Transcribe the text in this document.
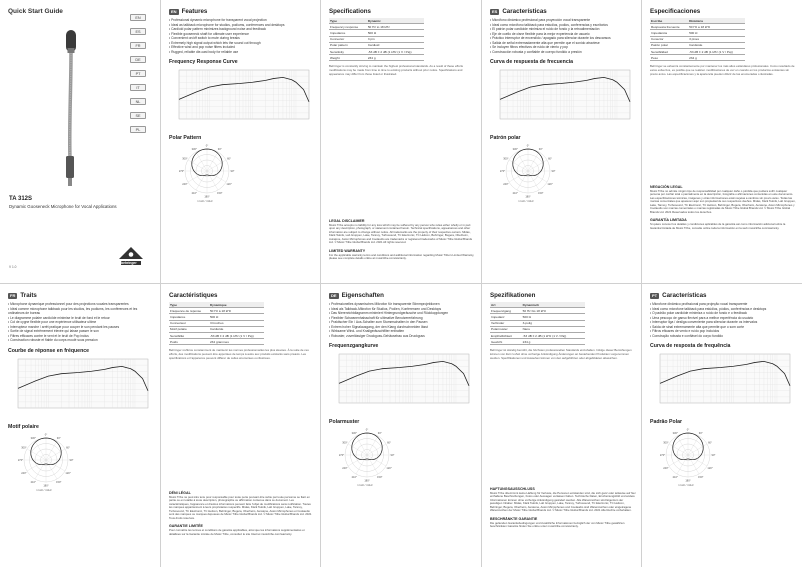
Quick Start Guide
EN
ES
FR
DE
PT
IT
NL
SE
PL
TA 312S
Dynamic Gooseneck Microphone for Vocal Applications
behringer
V 1.0
EN Features
• Professional dynamic microphone for transparent vocal projection
• Ideal as talkback microphone for studios, podiums, conferences and desktops
• Cardioid polar pattern minimizes background noise and feedback
• Flexible gooseneck shaft for ultimate user experience
• Convenient on/off switch to mute during breaks
• Extremely high signal output which lets the sound cut through
• Effective wind and pop noise filters included
• Rugged, reliable die-cast body for reliable use
Frequency Response Curve
Polar Pattern
0°
30°
60°
90°
120°
150°
180°
210°
240°
270°
300°
330°
1 kHz / 4 kHz
Specifications
Type	Dynamic
Frequency response	50 Hz to 18 kHz
Impedance	500 Ω
Connector	3 pin
Polar pattern	Cardioid
Sensitivity	-53 dB ± 2 dB (1 kHz (1 V / Pa))
Weight	234 g
Behringer is constantly striving to maintain the highest professional standards. As a result of these efforts modifications may be made from time to time to existing products without prior notice. Specifications and appearance may differ from those listed or illustrated.
LEGAL DISCLAIMER
Music Tribe accepts no liability for any loss which may be suffered by any person who relies either wholly or in part upon any description, photograph, or statement contained herein. Technical specifications, appearances and other information are subject to change without notice. All trademarks are the property of their respective owners. Midas, Klark Teknik, Lab Gruppen, Lake, Tannoy, Turbosound, TC Electronic, TC Helicon, Behringer, Bugera, Oberheim, Auratone, Aston Microphones and Coolaudio are trademarks or registered trademarks of Music Tribe Global Brands Ltd. © Music Tribe Global Brands Ltd. 2021 All rights reserved.
LIMITED WARRANTY
For the applicable warranty terms and conditions and additional information regarding Music Tribe's Limited Warranty, please see complete details online at musictribe.com/warranty.
ES Características
• Micrófono dinámico profesional para proyección vocal transparente
• Ideal como micrófono talkback para estudios, podios, conferencias y escritorios
• El patrón polar cardioide minimiza el ruido de fondo y la retroalimentación
• Eje de cuello de cisne flexible para la mejor experiencia de usuario
• Práctico interruptor de encendido / apagado para silenciar durante los descansos
• Salida de señal extremadamente alta que permite que el sonido atraviese
• Se incluyen filtros efectivos de ruido de viento y pop
• Construcción robusta y confiable de cuerpo fundido a presión
Curva de respuesta de frecuencia
Patrón polar
0°
30°
60°
90°
120°
150°
180°
210°
240°
270°
300°
330°
1 kHz / 4 kHz
Especificaciones
Escribe	Dinámica
Respuesta frecuente	50 Hz a 18 kHz
Impedancia	500 Ω
Conector	3 pines
Patrón polar	Cardioide
Sensibilidad	-53 dB ± 2 dB (1 kHz (1 V / Pa))
Peso	234 g
Behringer se esfuerza constantemente por mantener los más altos estándares profesionales. Como resultado de estos esfuerzos, es posible que se realicen modificaciones de vez en cuando en los productos existentes sin previo aviso. Las especificaciones y la apariencia pueden diferir de las enumeradas o ilustradas.
NEGACIÓN LEGAL
Music Tribe no admite ningún tipo de responsabilidad por cualquier daño o pérdida que pudiera sufrir cualquier persona por confiar total o parcialmente en la descripción, fotografía o afirmaciones contenidas en este documento. Las especificaciones técnicas, imágenes y otras informaciones están sujetas a cambios sin previo aviso. Todas las marcas comerciales que aparecen aquí son propiedad de sus respectivos dueños. Midas, Klark Teknik, Lab Gruppen, Lake, Tannoy, Turbosound, TC Electronic, TC Helicon, Behringer, Bugera, Oberheim, Auratone, Aston Microphones y Coolaudio son marcas comerciales o marcas registradas de Music Tribe Global Brands Ltd. © Music Tribe Global Brands Ltd. 2021 Reservados todos los derechos.
GARANTÍA LIMITADA
Si quiere conocer los detalles y condiciones aplicables de la garantía así como información adicional sobre la Garantía limitada de Music Tribe, consulte online toda la información en la web musictribe.com/warranty.
FR Traits
• Microphone dynamique professionnel pour des projections vocales transparentes
• Idéal comme microphone talkback pour les studios, les podiums, les conférences et les ordinateurs de bureau
• Le diagramme polaire cardioïde minimise le bruit de fond et le retour
• Col de cygne flexible pour une expérience utilisateur ultime
• Interrupteur marche / arrêt pratique pour couper le son pendant les pauses
• Sortie de signal extrêmement élevée qui laisse passer le son
• Filtres efficaces contre le vent et le bruit de Pop inclus
• Construction robuste et fiable du corps moulé sous pression
Courbe de réponse en fréquence
Motif polaire
0°
30°
60°
90°
120°
150°
180°
210°
240°
270°
300°
330°
1 kHz / 4 kHz
Caractéristiques
Type	Dynamique
Fréquence de réponse	50 Hz à 18 kHz
Impédance	500 Ω
Connecteur	3 broches
Motif polaire	Cardioïde
Sensibilité	-53 dB ± 2 dB (1 kHz (1 V / Pa))
Poids	234 grammes
Behringer s'efforce constamment de maintenir les normes professionnelles les plus élevées. À la suite de ces efforts, des modifications peuvent être apportées de temps à autre aux produits existants sans préavis. Les spécifications et l'apparence peuvent différer de celles énumérées ou illustrées.
DÉNI LÉGAL
Music Tribe ne peut être tenu pour responsable pour toute perte pouvant être subie par toute personne se fiant en partie ou en totalité à toute description, photographie ou affirmation contenue dans ce document. Les caractéristiques, l'apparence et d'autres informations peuvent faire l'objet de modifications sans notification. Toutes les marques appartiennent à leurs propriétaires respectifs. Midas, Klark Teknik, Lab Gruppen, Lake, Tannoy, Turbosound, TC Electronic, TC Helicon, Behringer, Bugera, Oberheim, Auratone, Aston Microphones et Coolaudio sont des marques ou marques déposées de Music Tribe Global Brands Ltd. © Music Tribe Global Brands Ltd. 2021 Tous droits réservés.
GARANTIE LIMITÉE
Pour connaître les termes et conditions de garantie applicables, ainsi que les informations supplémentaires et détaillées sur la Garantie Limitée de Music Tribe, consultez le site Internet musictribe.com/warranty.
DE Eigenschaften
• Professionelles dynamisches Mikrofon für transparente Stimmprojektionen
• Ideal als Talkback-Mikrofon für Studios, Podien, Konferenzen und Desktops
• Das Nierenrichtdiagramm minimiert Hintergrundgeräusche und Rückkopplungen
• Flexibler Schwanenhalsschaft für ultimative Benutzererfahrung
• Praktischer Ein / Aus-Schalter zum Stummschalten in den Pausen
• Extrem hoher Signalausgang, der den Klang durchschneiden lässt
• Wirksame Wind- und Knallgeräuschfilter enthalten
• Robuster, zuverlässiger Druckguss-Gehäusebau aus Druckguss
Frequenzgangkurve
Polarmuster
0°
30°
60°
90°
120°
150°
180°
210°
240°
270°
300°
330°
1 kHz / 4 kHz
Spezifikationen
Art	Dynamisch
Frequenzgang	50 Hz bis 18 kHz
Impedanz	500 Ω
Verbinder	3-polig
Polarmuster	Niere
Empfindlichkeit	-53 dB ± 2 dB (1 kHz (1 V / Pa))
Gewicht	234 g
Behringer ist ständig bemüht, die höchsten professionellen Standards einzuhalten. Infolge dieser Bemühungen können von Zeit zu Zeit ohne vorherige Ankündigung Änderungen an bestehenden Produkten vorgenommen werden. Spezifikationen und Aussehen können von den aufgeführten oder abgebildeten abweichen.
HAFTUNGSAUSSCHLUSS
Music Tribe übernimmt keine Haftung für Verluste, die Personen entstanden sind, die sich ganz oder teilweise auf hier enthaltene Beschreibungen, Fotos oder Aussagen verlassen haben. Technische Daten, Erscheinungsbild und andere Informationen können ohne vorherige Ankündigung geändert werden. Alle Warenzeichen sind Eigentum der jeweiligen Inhaber. Midas, Klark Teknik, Lab Gruppen, Lake, Tannoy, Turbosound, TC Electronic, TC Helicon, Behringer, Bugera, Oberheim, Auratone, Aston Microphones und Coolaudio sind Warenzeichen oder eingetragene Warenzeichen der Music Tribe Global Brands Ltd. © Music Tribe Global Brands Ltd. 2021 Alle Rechte vorbehalten.
BESCHRÄNKTE GARANTIE
Die geltenden Garantiebedingungen und zusätzliche Informationen bezüglich der von Music Tribe gewährten beschränkten Garantie finden Sie online unter musictribe.com/warranty.
PT Características
• Microfone dinâmico profissional para projeção vocal transparente
• Ideal como microfone talkback para estúdios, pódios, conferências e desktops
• O padrão polar cardióide minimiza o ruído de fundo e o feedback
• Uma pescoço de ganso flexível para a melhor experiência do usuário
• Interruptor liga / desliga conveniente para silenciar durante os intervalos
• Saída de sinal extremamente alta que permite que o som corte
• Filtros eficazes de vento e ruído pop incluídos
• Construção robusta e confiável do corpo fundido
Curva de resposta de frequência
Padrão Polar
0°
30°
60°
90°
120°
150°
180°
210°
240°
270°
300°
330°
1 kHz / 4 kHz
